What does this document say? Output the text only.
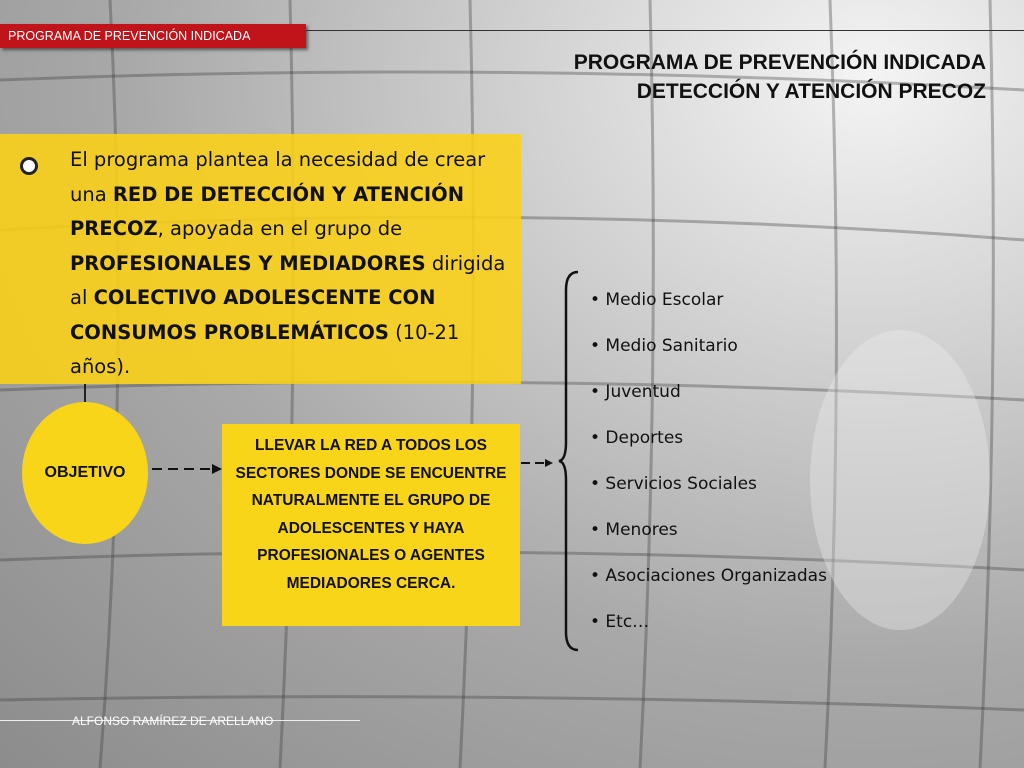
PROGRAMA DE PREVENCIÓN INDICADA
PROGRAMA DE PREVENCIÓN INDICADA
DETECCIÓN Y ATENCIÓN PRECOZ
El programa plantea la necesidad de crear una RED DE DETECCIÓN Y ATENCIÓN PRECOZ, apoyada en el grupo de PROFESIONALES Y MEDIADORES dirigida al COLECTIVO ADOLESCENTE CON CONSUMOS PROBLEMÁTICOS (10-21 años).
OBJETIVO
LLEVAR LA RED A TODOS LOS SECTORES DONDE SE ENCUENTRE NATURALMENTE EL GRUPO DE ADOLESCENTES Y HAYA PROFESIONALES O AGENTES MEDIADORES CERCA.
• Medio Escolar
• Medio Sanitario
• Juventud
• Deportes
• Servicios Sociales
• Menores
• Asociaciones Organizadas
• Etc…
ALFONSO RAMÍREZ DE ARELLANO
